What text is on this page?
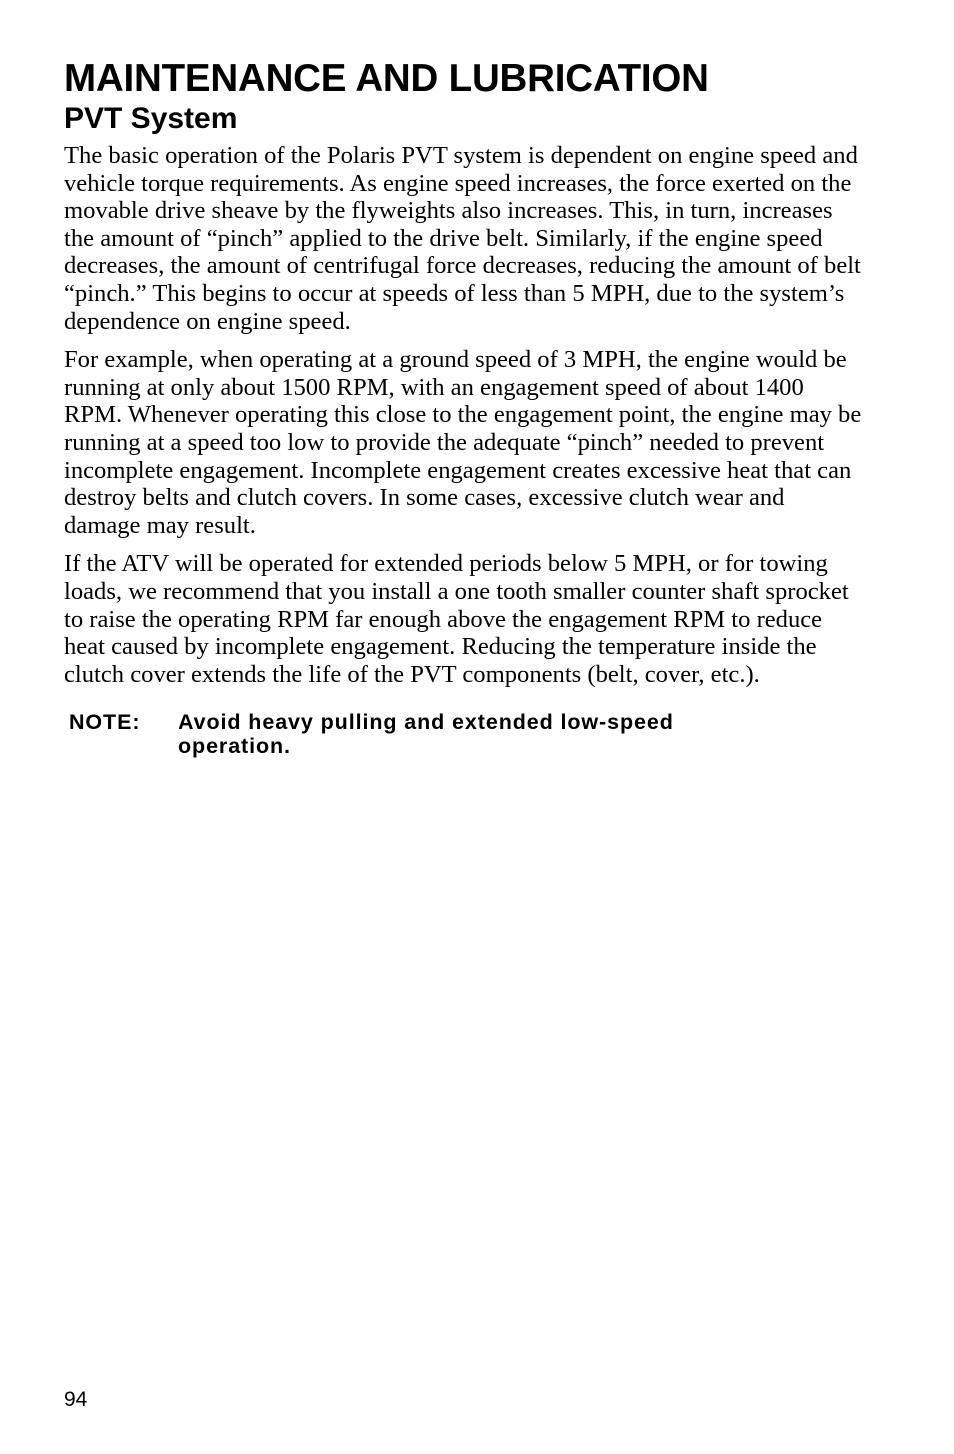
MAINTENANCE AND LUBRICATION
PVT System

The basic operation of the Polaris PVT system is dependent on engine speed and vehicle torque requirements. As engine speed increases, the force exerted on the movable drive sheave by the flyweights also increases. This, in turn, increases the amount of “pinch” applied to the drive belt. Similarly, if the engine speed decreases, the amount of centrifugal force decreases, reducing the amount of belt “pinch.” This begins to occur at speeds of less than 5 MPH, due to the system’s dependence on engine speed.

For example, when operating at a ground speed of 3 MPH, the engine would be running at only about 1500 RPM, with an engagement speed of about 1400 RPM. Whenever operating this close to the engagement point, the engine may be running at a speed too low to provide the adequate “pinch” needed to prevent incomplete engagement. Incomplete engagement creates excessive heat that can destroy belts and clutch covers. In some cases, excessive clutch wear and damage may result.

If the ATV will be operated for extended periods below 5 MPH, or for towing loads, we recommend that you install a one tooth smaller counter shaft sprocket to raise the operating RPM far enough above the engagement RPM to reduce heat caused by incomplete engagement. Reducing the temperature inside the clutch cover extends the life of the PVT components (belt, cover, etc.).

NOTE:	Avoid heavy pulling and extended low-speed operation.
94
